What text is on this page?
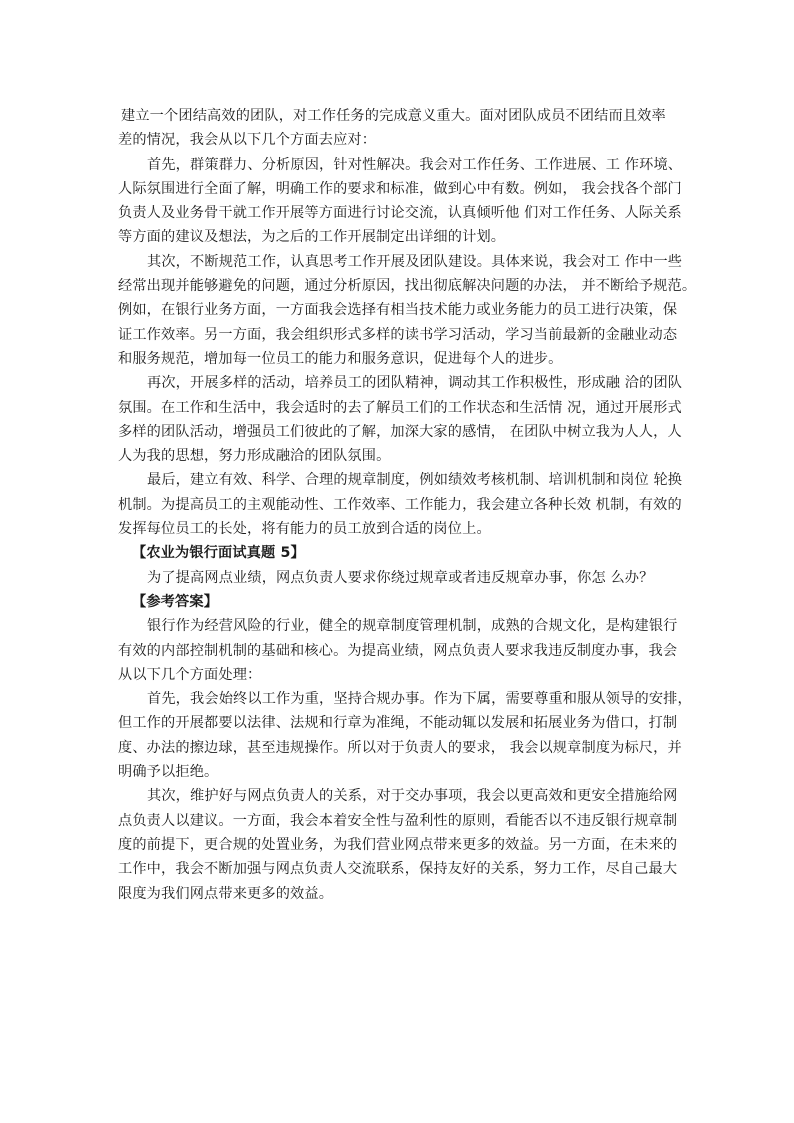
建立一个团结高效的团队，对工作任务的完成意义重大。面对团队成员不团结而且效率
差的情况，我会从以下几个方面去应对：
首先，群策群力、分析原因，针对性解决。我会对工作任务、工作进展、工 作环境、
人际氛围进行全面了解，明确工作的要求和标准，做到心中有数。例如， 我会找各个部门
负责人及业务骨干就工作开展等方面进行讨论交流，认真倾听他 们对工作任务、人际关系
等方面的建议及想法，为之后的工作开展制定出详细的计划。
其次，不断规范工作，认真思考工作开展及团队建设。具体来说，我会对工 作中一些
经常出现并能够避免的问题，通过分析原因，找出彻底解决问题的办法， 并不断给予规范。
例如，在银行业务方面，一方面我会选择有相当技术能力或业务能力的员工进行决策，保
证工作效率。另一方面，我会组织形式多样的读书学习活动，学习当前最新的金融业动态
和服务规范，增加每一位员工的能力和服务意识，促进每个人的进步。
再次，开展多样的活动，培养员工的团队精神，调动其工作积极性，形成融 洽的团队
氛围。在工作和生活中，我会适时的去了解员工们的工作状态和生活情 况，通过开展形式
多样的团队活动，增强员工们彼此的了解，加深大家的感情， 在团队中树立我为人人，人
人为我的思想，努力形成融洽的团队氛围。
最后，建立有效、科学、合理的规章制度，例如绩效考核机制、培训机制和岗位 轮换
机制。为提高员工的主观能动性、工作效率、工作能力，我会建立各种长效 机制，有效的
发挥每位员工的长处，将有能力的员工放到合适的岗位上。
【农业为银行面试真题 5】
为了提高网点业绩，网点负责人要求你绕过规章或者违反规章办事，你怎 么办？
【参考答案】
银行作为经营风险的行业，健全的规章制度管理机制，成熟的合规文化，是构建银行
有效的内部控制机制的基础和核心。为提高业绩，网点负责人要求我违反制度办事，我会
从以下几个方面处理：
首先，我会始终以工作为重，坚持合规办事。作为下属，需要尊重和服从领导的安排，
但工作的开展都要以法律、法规和行章为准绳，不能动辄以发展和拓展业务为借口，打制
度、办法的擦边球，甚至违规操作。所以对于负责人的要求， 我会以规章制度为标尺，并
明确予以拒绝。
其次，维护好与网点负责人的关系，对于交办事项，我会以更高效和更安全措施给网
点负责人以建议。一方面，我会本着安全性与盈利性的原则，看能否以不违反银行规章制
度的前提下，更合规的处置业务，为我们营业网点带来更多的效益。另一方面，在未来的
工作中，我会不断加强与网点负责人交流联系，保持友好的关系，努力工作，尽自己最大
限度为我们网点带来更多的效益。
